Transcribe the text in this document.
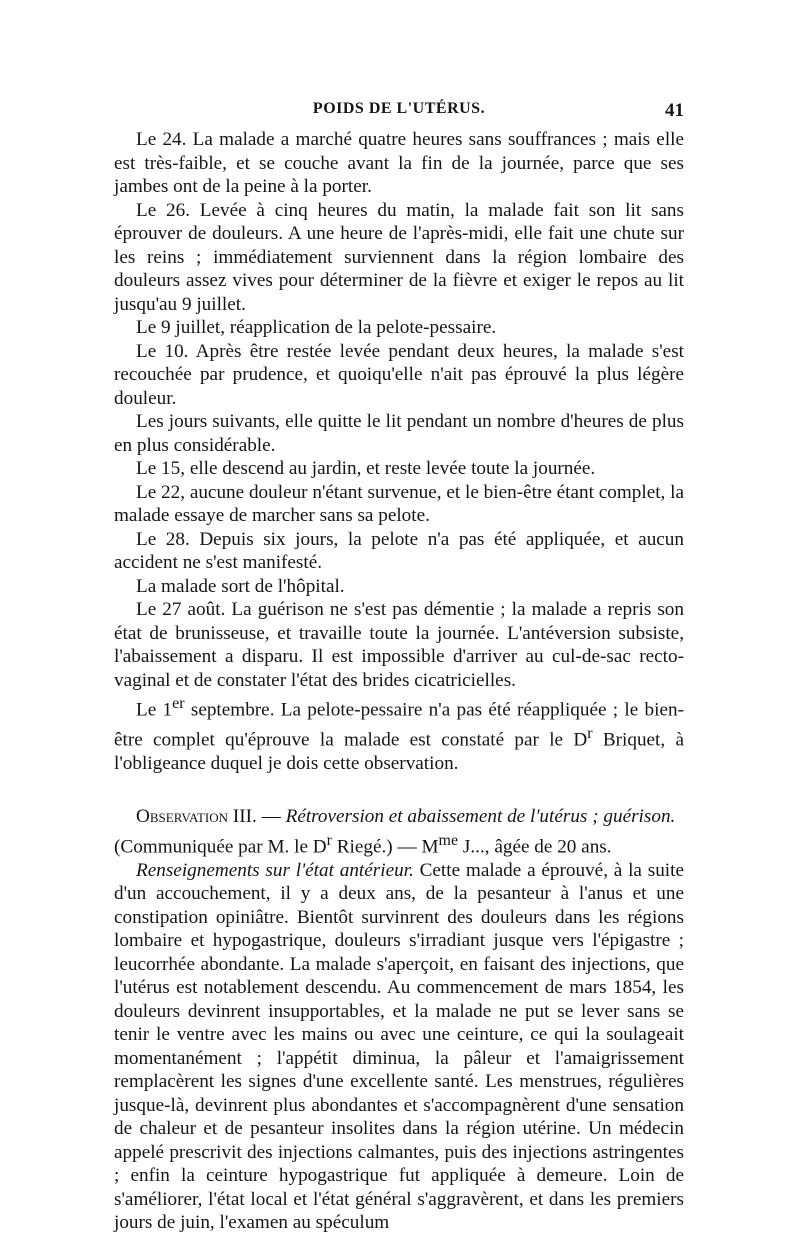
POIDS DE L'UTÉRUS.	41

Le 24. La malade a marché quatre heures sans souffrances ; mais elle est très-faible, et se couche avant la fin de la journée, parce que ses jambes ont de la peine à la porter.

Le 26. Levée à cinq heures du matin, la malade fait son lit sans éprouver de douleurs. A une heure de l'après-midi, elle fait une chute sur les reins ; immédiatement surviennent dans la région lombaire des douleurs assez vives pour déterminer de la fièvre et exiger le repos au lit jusqu'au 9 juillet.

Le 9 juillet, réapplication de la pelote-pessaire.

Le 10. Après être restée levée pendant deux heures, la malade s'est recouchée par prudence, et quoiqu'elle n'ait pas éprouvé la plus légère douleur.

Les jours suivants, elle quitte le lit pendant un nombre d'heures de plus en plus considérable.

Le 15, elle descend au jardin, et reste levée toute la journée.

Le 22, aucune douleur n'étant survenue, et le bien-être étant complet, la malade essaye de marcher sans sa pelote.

Le 28. Depuis six jours, la pelote n'a pas été appliquée, et aucun accident ne s'est manifesté.

La malade sort de l'hôpital.

Le 27 août. La guérison ne s'est pas démentie ; la malade a repris son état de brunisseuse, et travaille toute la journée. L'antéversion subsiste, l'abaissement a disparu. Il est impossible d'arriver au cul-de-sac recto-vaginal et de constater l'état des brides cicatricielles.

Le 1er septembre. La pelote-pessaire n'a pas été réappliquée ; le bien-être complet qu'éprouve la malade est constaté par le $D^r$ Briquet, à l'obligeance duquel je dois cette observation.

Observation III. — Rétroversion et abaissement de l'utérus ; guérison.

(Communiquée par M. le $D^r$ Riegé.) — $M^{me}$ J..., âgée de 20 ans.

Renseignements sur l'état antérieur. Cette malade a éprouvé, à la suite d'un accouchement, il y a deux ans, de la pesanteur à l'anus et une constipation opiniâtre. Bientôt survinrent des douleurs dans les régions lombaire et hypogastrique, douleurs s'irradiant jusque vers l'épigastre ; leucorrhée abondante. La malade s'aperçoit, en faisant des injections, que l'utérus est notablement descendu. Au commencement de mars 1854, les douleurs devinrent insupportables, et la malade ne put se lever sans se tenir le ventre avec les mains ou avec une ceinture, ce qui la soulageait momentanément ; l'appétit diminua, la pâleur et l'amaigrissement remplacèrent les signes d'une excellente santé. Les menstrues, régulières jusque-là, devinrent plus abondantes et s'accompagnèrent d'une sensation de chaleur et de pesanteur insolites dans la région utérine. Un médecin appelé prescrivit des injections calmantes, puis des injections astringentes ; enfin la ceinture hypogastrique fut appliquée à demeure. Loin de s'améliorer, l'état local et l'état général s'aggravèrent, et dans les premiers jours de juin, l'examen au spéculum
